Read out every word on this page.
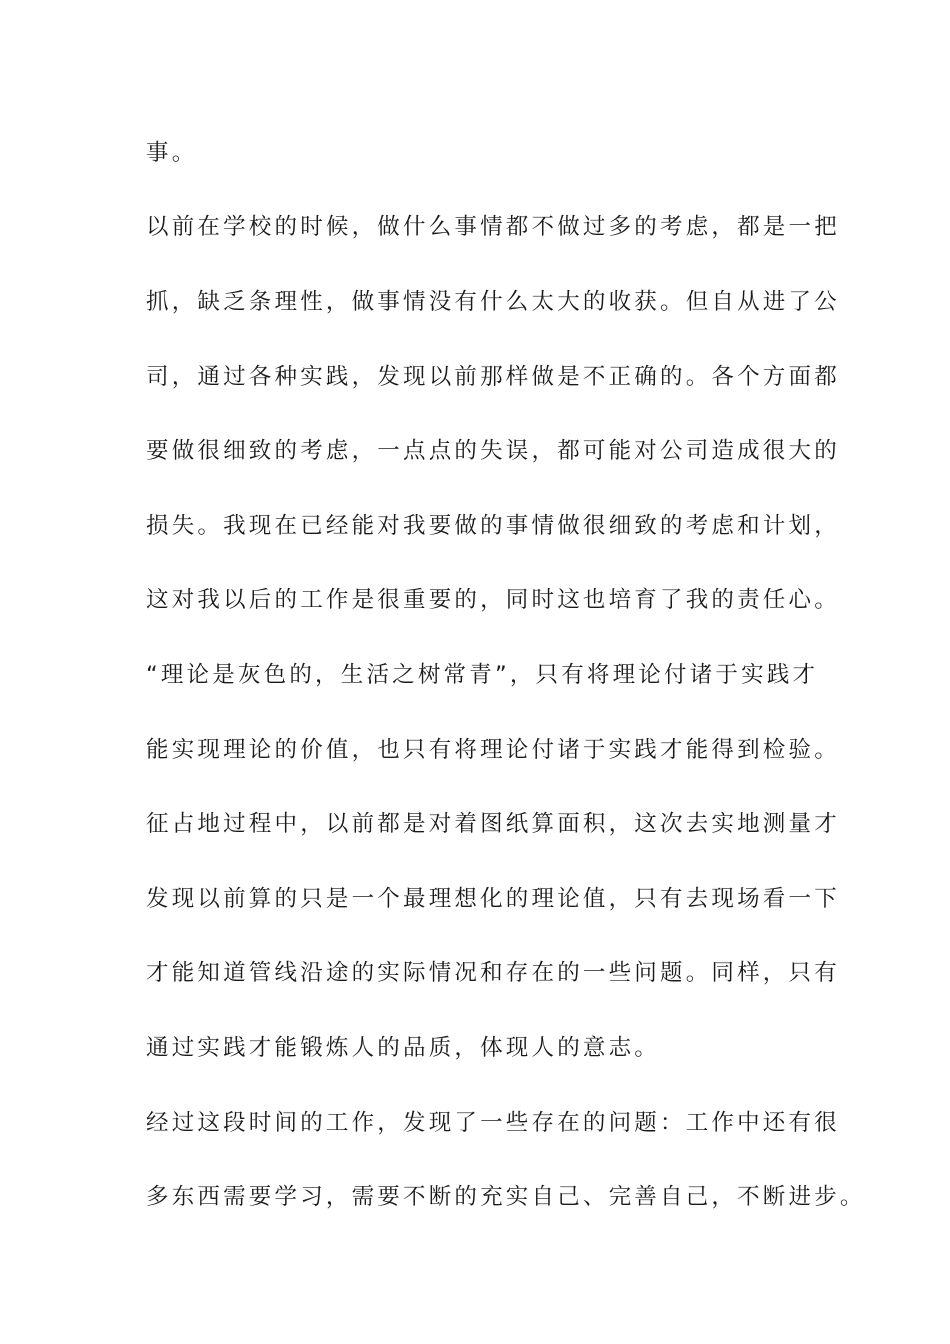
事。
以前在学校的时候，做什么事情都不做过多的考虑，都是一把
抓，缺乏条理性，做事情没有什么太大的收获。但自从进了公
司，通过各种实践，发现以前那样做是不正确的。各个方面都
要做很细致的考虑，一点点的失误，都可能对公司造成很大的
损失。我现在已经能对我要做的事情做很细致的考虑和计划，
这对我以后的工作是很重要的，同时这也培育了我的责任心。
“理论是灰色的，生活之树常青”，只有将理论付诸于实践才
能实现理论的价值，也只有将理论付诸于实践才能得到检验。
征占地过程中，以前都是对着图纸算面积，这次去实地测量才
发现以前算的只是一个最理想化的理论值，只有去现场看一下
才能知道管线沿途的实际情况和存在的一些问题。同样，只有
通过实践才能锻炼人的品质，体现人的意志。
经过这段时间的工作，发现了一些存在的问题：工作中还有很
多东西需要学习，需要不断的充实自己、完善自己，不断进步。
